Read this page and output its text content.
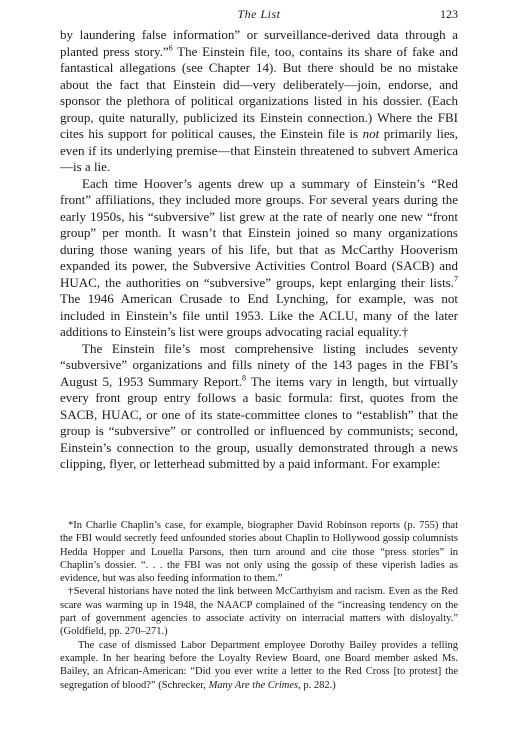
The List	123

by laundering false information” or surveillance-derived data through a planted press story.”$^6$ The Einstein file, too, contains its share of fake and fantastical allegations (see Chapter 14). But there should be no mistake about the fact that Einstein did—very deliberately—join, endorse, and sponsor the plethora of political organizations listed in his dossier. (Each group, quite naturally, publicized its Einstein connection.) Where the FBI cites his support for political causes, the Einstein file is not primarily lies, even if its underlying premise—that Einstein threatened to subvert America—is a lie.

Each time Hoover’s agents drew up a summary of Einstein’s “Red front” affiliations, they included more groups. For several years during the early 1950s, his “subversive” list grew at the rate of nearly one new “front group” per month. It wasn’t that Einstein joined so many organizations during those waning years of his life, but that as McCarthy Hooverism expanded its power, the Subversive Activities Control Board (SACB) and HUAC, the authorities on “subversive” groups, kept enlarging their lists.$^7$ The 1946 American Crusade to End Lynching, for example, was not included in Einstein’s file until 1953. Like the ACLU, many of the later additions to Einstein’s list were groups advocating racial equality.†

The Einstein file’s most comprehensive listing includes seventy “subversive” organizations and fills ninety of the 143 pages in the FBI’s August 5, 1953 Summary Report.$^8$ The items vary in length, but virtually every front group entry follows a basic formula: first, quotes from the SACB, HUAC, or one of its state-committee clones to “establish” that the group is “subversive” or controlled or influenced by communists; second, Einstein’s connection to the group, usually demonstrated through a news clipping, flyer, or letterhead submitted by a paid informant. For example:

*In Charlie Chaplin’s case, for example, biographer David Robinson reports (p. 755) that the FBI would secretly feed unfounded stories about Chaplin to Hollywood gossip columnists Hedda Hopper and Louella Parsons, then turn around and cite those “press stories” in Chaplin’s dossier. “. . . the FBI was not only using the gossip of these viperish ladies as evidence, but was also feeding information to them.”

†Several historians have noted the link between McCarthyism and racism. Even as the Red scare was warming up in 1948, the NAACP complained of the “increasing tendency on the part of government agencies to associate activity on interracial matters with disloyalty.” (Goldfield, pp. 270–271.)

The case of dismissed Labor Department employee Dorothy Bailey provides a telling example. In her hearing before the Loyalty Review Board, one Board member asked Ms. Bailey, an African-American: “Did you ever write a letter to the Red Cross [to protest] the segregation of blood?” (Schrecker, Many Are the Crimes, p. 282.)
